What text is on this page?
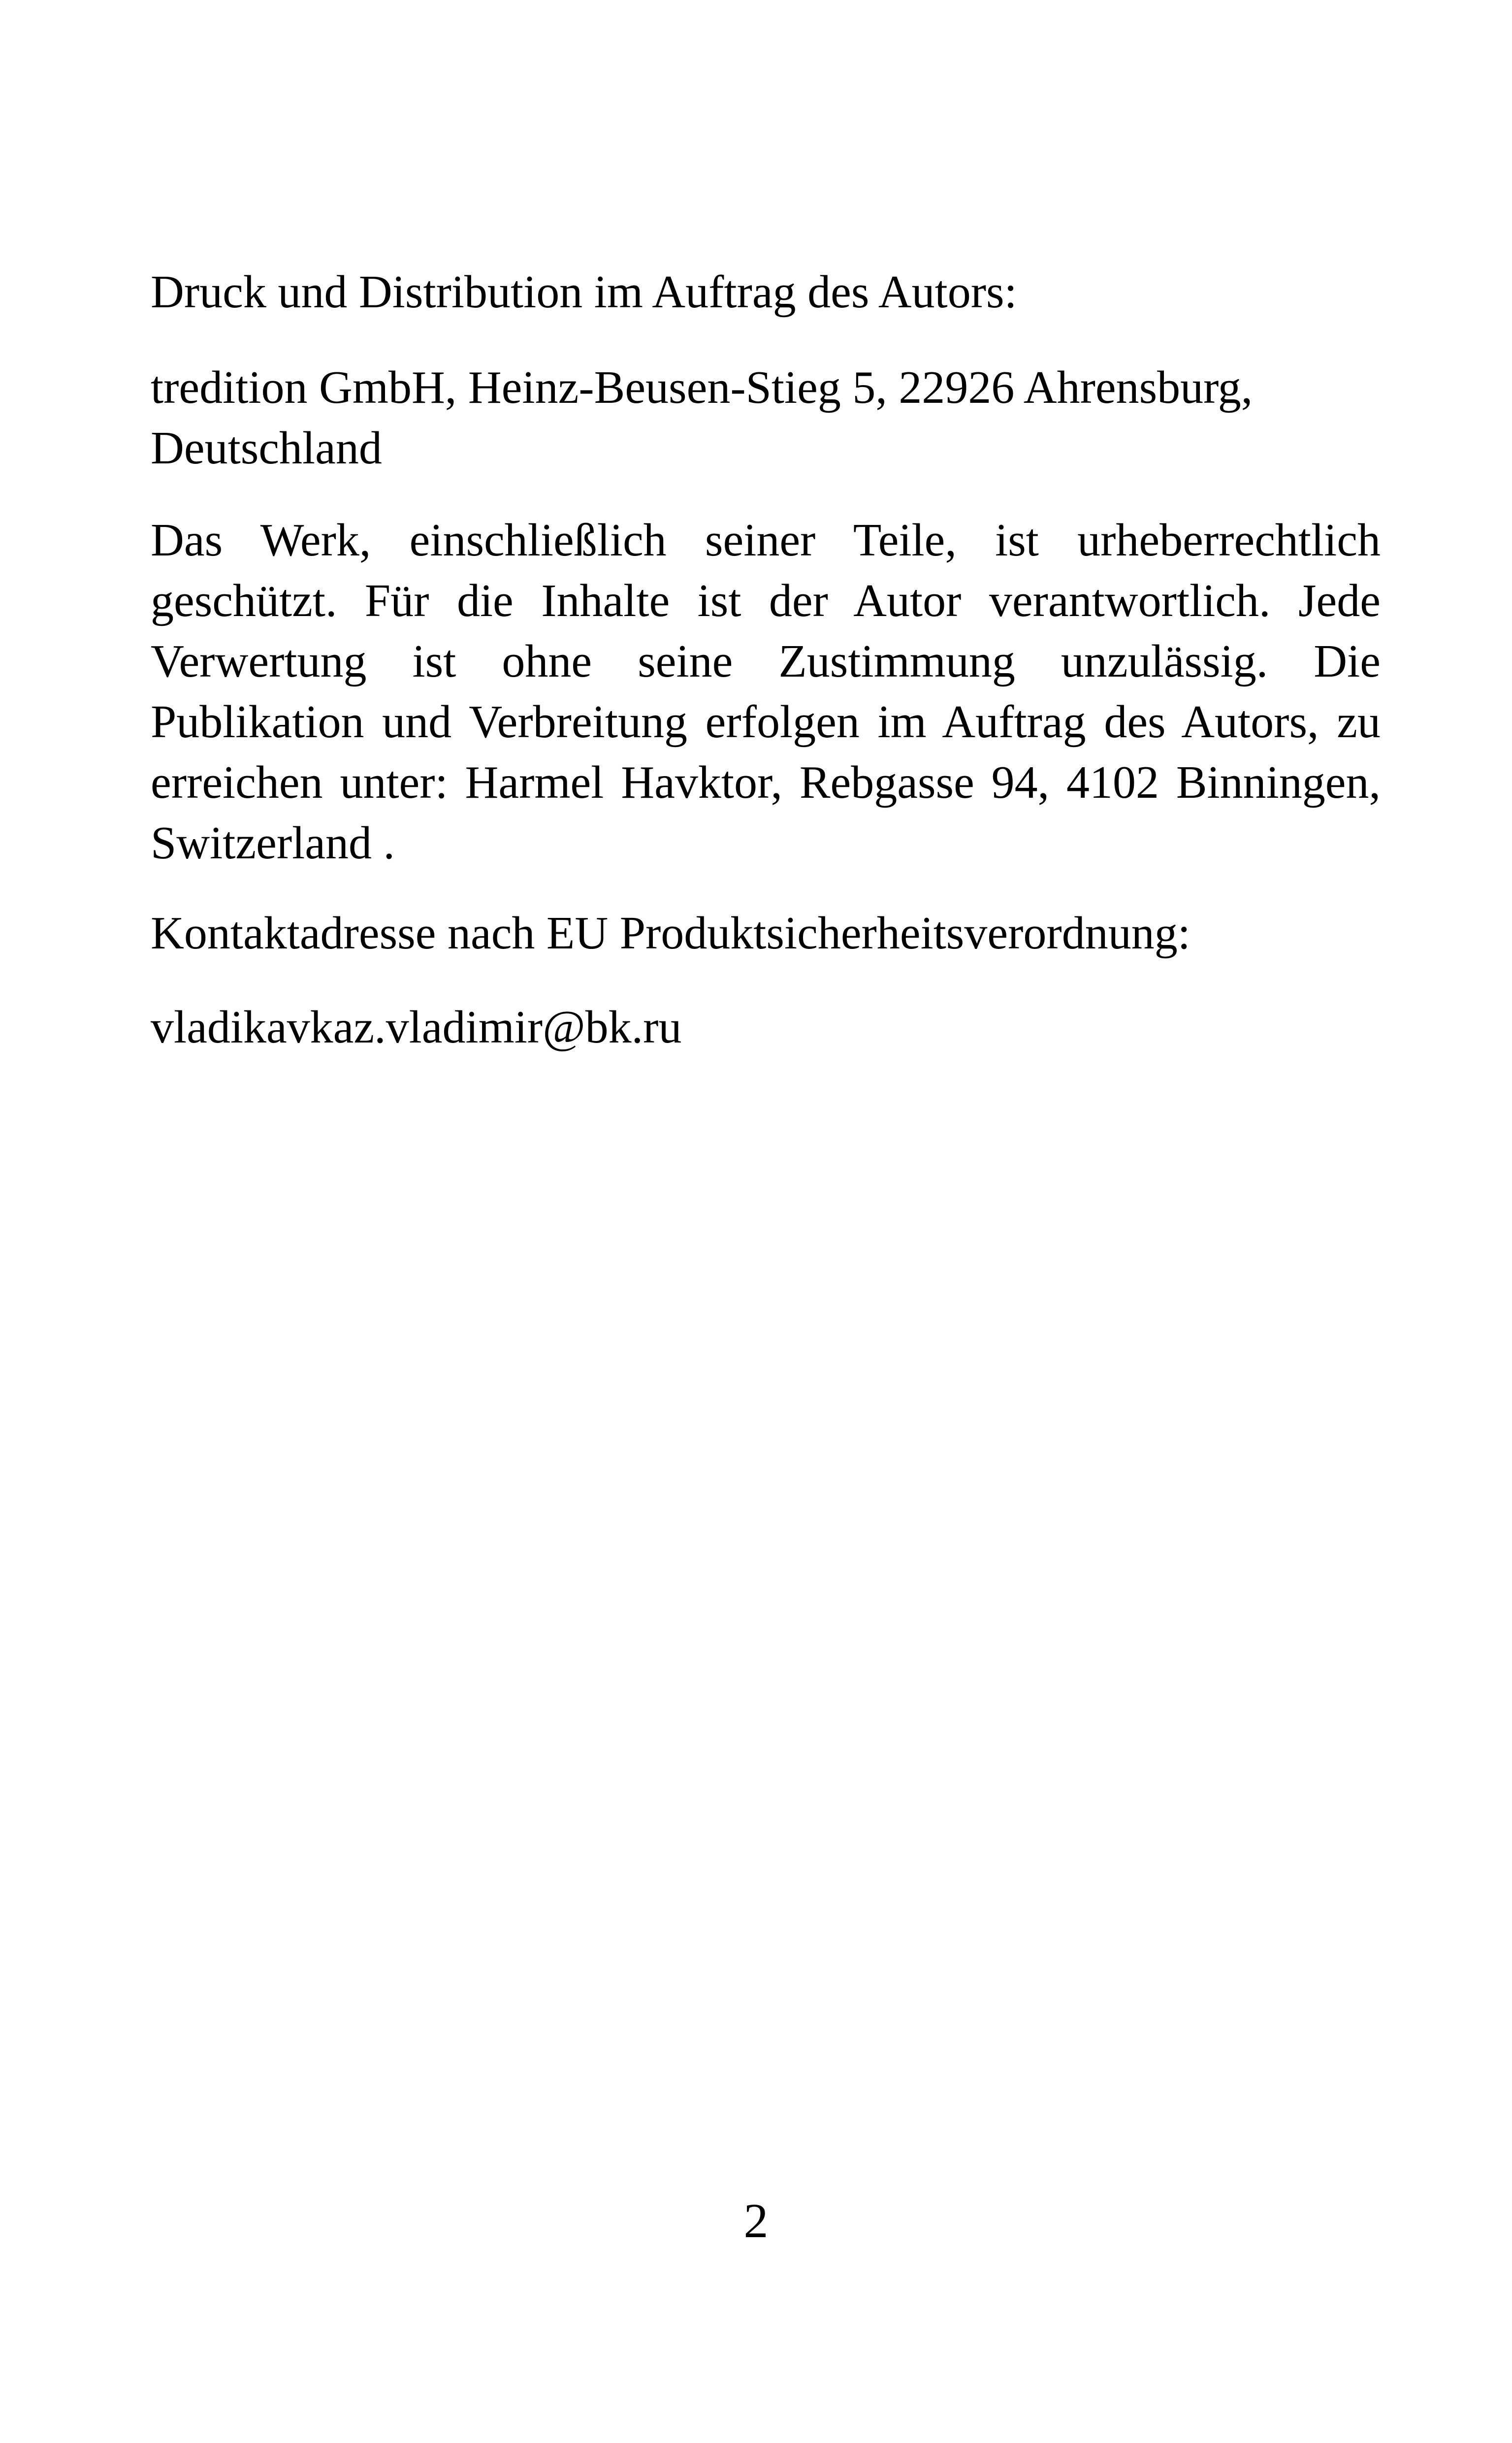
Druck und Distribution im Auftrag des Autors:

tredition GmbH, Heinz-Beusen-Stieg 5, 22926 Ahrensburg, Deutschland

Das Werk, einschließlich seiner Teile, ist urheberrechtlich geschützt. Für die Inhalte ist der Autor verantwortlich. Jede Verwertung ist ohne seine Zustimmung unzulässig. Die Publikation und Verbreitung erfolgen im Auftrag des Autors, zu erreichen unter: Harmel Havktor, Rebgasse 94, 4102 Binningen, Switzerland .

Kontaktadresse nach EU Produktsicherheitsverordnung:

vladikavkaz.vladimir@bk.ru

2
